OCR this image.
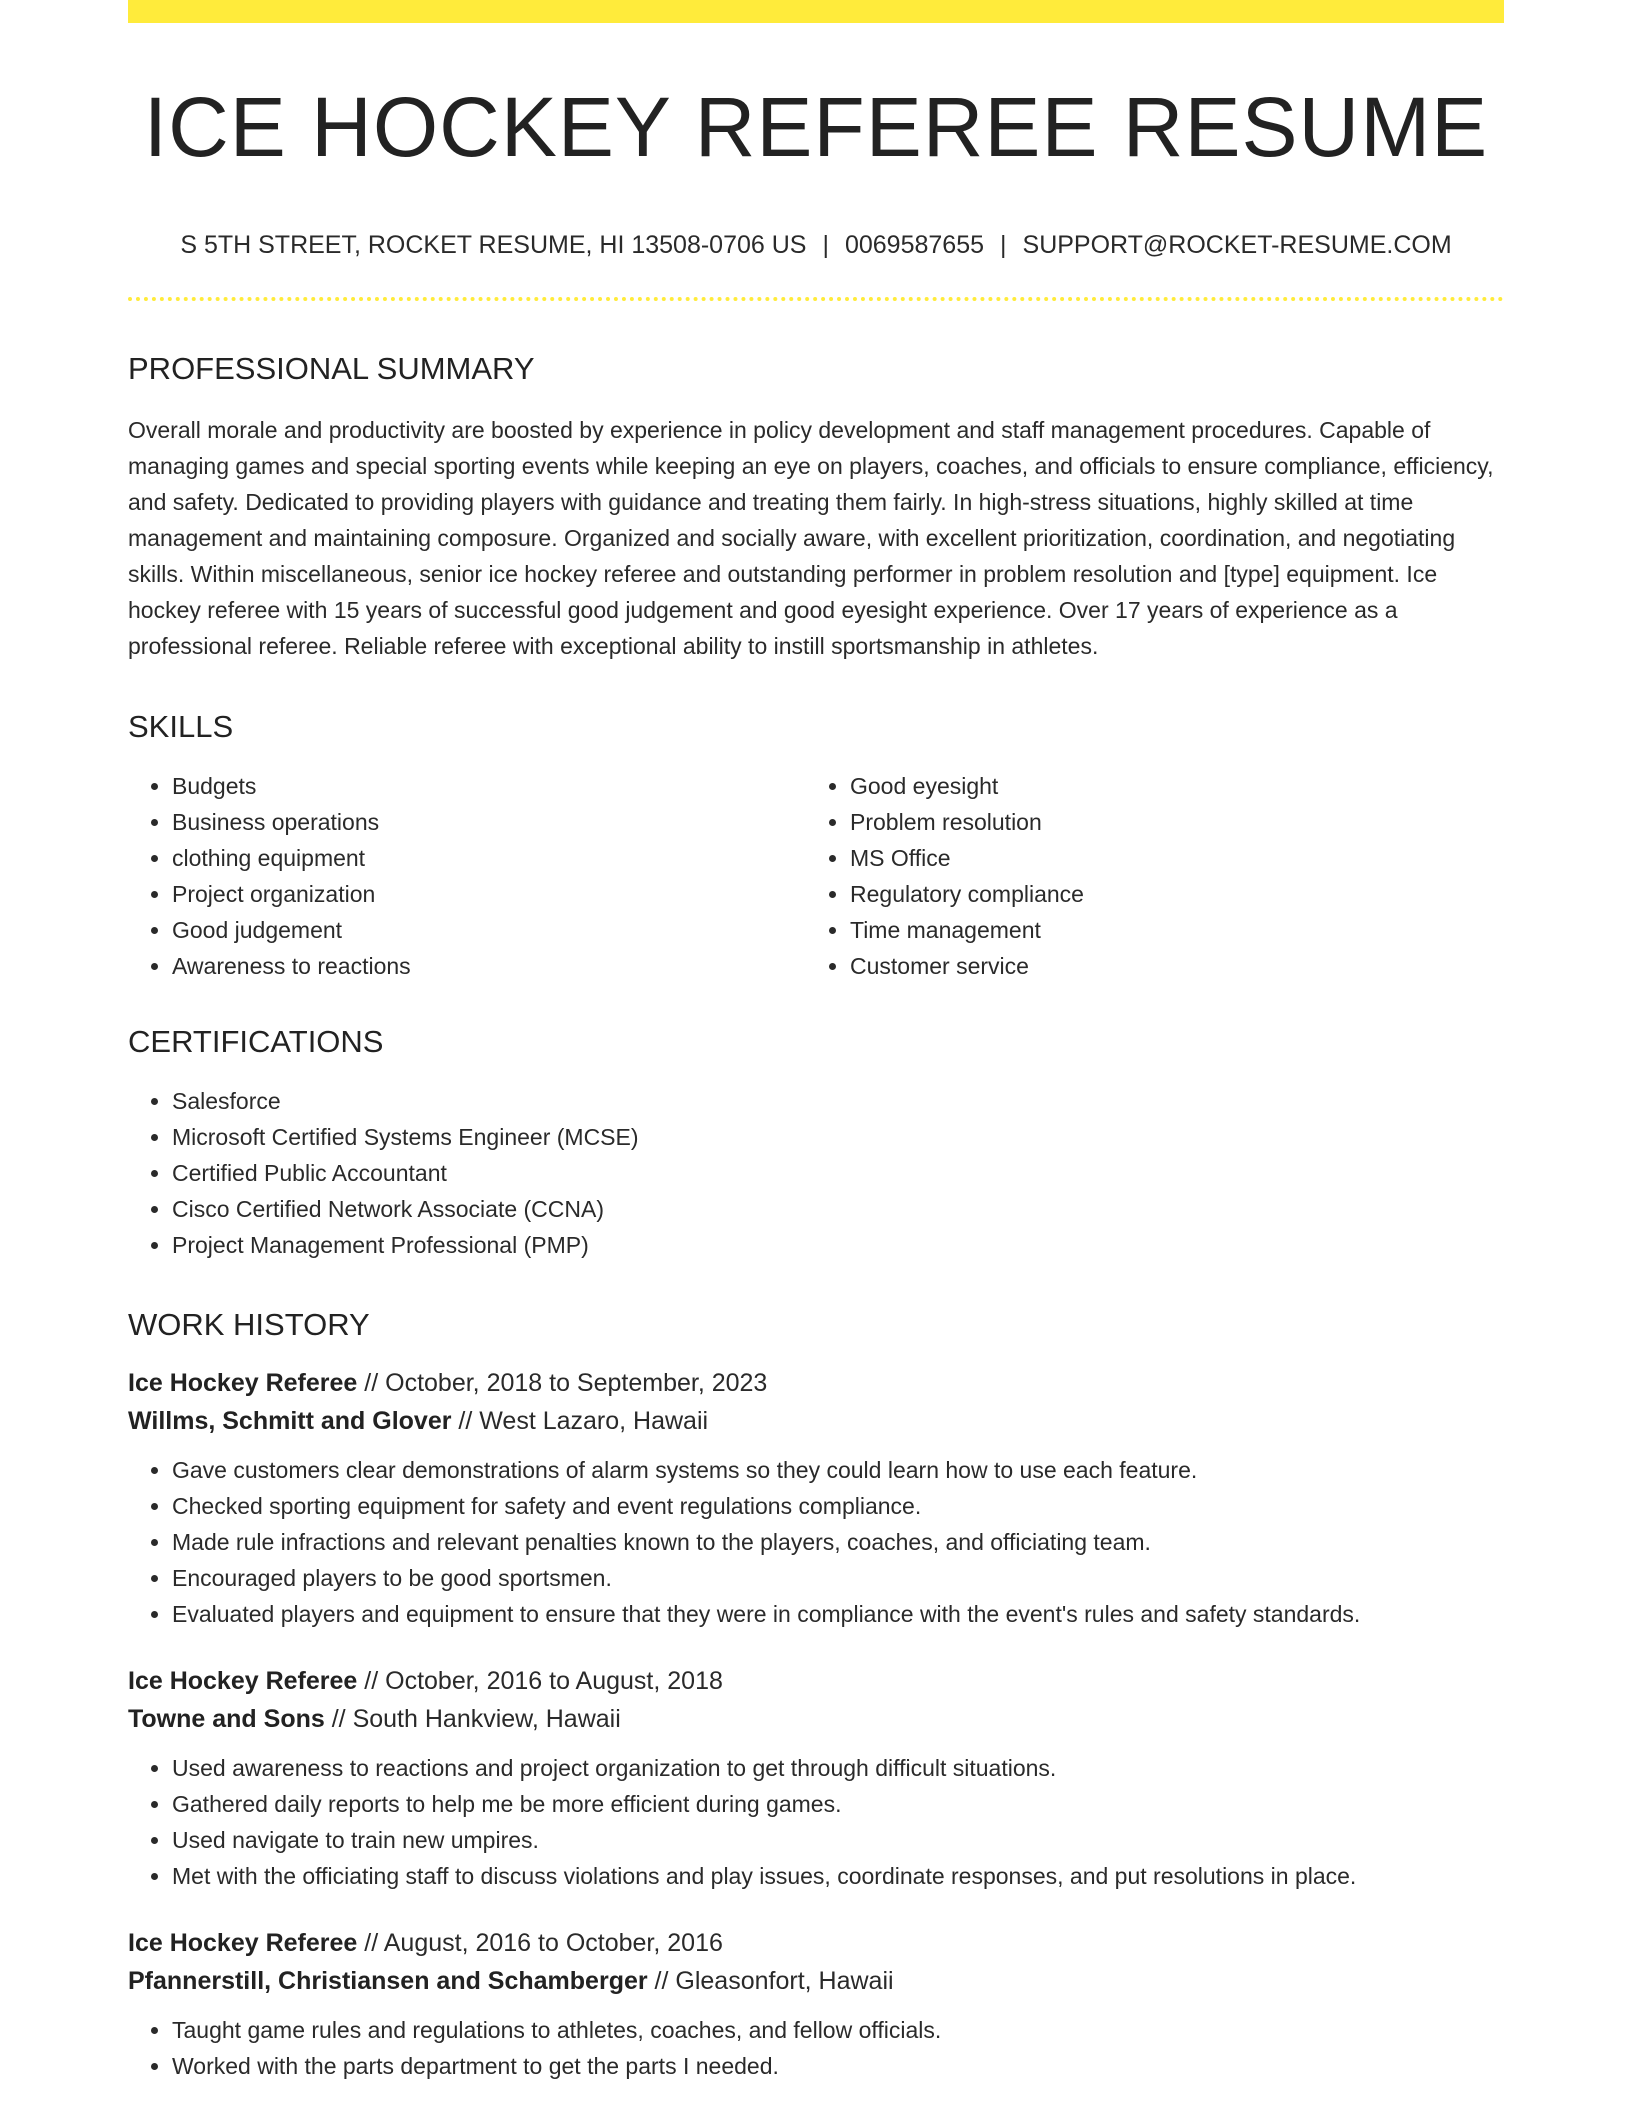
ICE HOCKEY REFEREE RESUME
S 5TH STREET, ROCKET RESUME, HI 13508-0706 US | 0069587655 | SUPPORT@ROCKET-RESUME.COM
PROFESSIONAL SUMMARY

Overall morale and productivity are boosted by experience in policy development and staff management procedures. Capable of managing games and special sporting events while keeping an eye on players, coaches, and officials to ensure compliance, efficiency, and safety. Dedicated to providing players with guidance and treating them fairly. In high-stress situations, highly skilled at time management and maintaining composure. Organized and socially aware, with excellent prioritization, coordination, and negotiating skills. Within miscellaneous, senior ice hockey referee and outstanding performer in problem resolution and [type] equipment. Ice hockey referee with 15 years of successful good judgement and good eyesight experience. Over 17 years of experience as a professional referee. Reliable referee with exceptional ability to instill sportsmanship in athletes.

SKILLS
• Budgets
• Business operations
• clothing equipment
• Project organization
• Good judgement
• Awareness to reactions
• Good eyesight
• Problem resolution
• MS Office
• Regulatory compliance
• Time management
• Customer service
CERTIFICATIONS
• Salesforce
• Microsoft Certified Systems Engineer (MCSE)
• Certified Public Accountant
• Cisco Certified Network Associate (CCNA)
• Project Management Professional (PMP)
WORK HISTORY
Ice Hockey Referee // October, 2018 to September, 2023
Willms, Schmitt and Glover // West Lazaro, Hawaii
• Gave customers clear demonstrations of alarm systems so they could learn how to use each feature.
• Checked sporting equipment for safety and event regulations compliance.
• Made rule infractions and relevant penalties known to the players, coaches, and officiating team.
• Encouraged players to be good sportsmen.
• Evaluated players and equipment to ensure that they were in compliance with the event's rules and safety standards.
Ice Hockey Referee // October, 2016 to August, 2018
Towne and Sons // South Hankview, Hawaii
• Used awareness to reactions and project organization to get through difficult situations.
• Gathered daily reports to help me be more efficient during games.
• Used navigate to train new umpires.
• Met with the officiating staff to discuss violations and play issues, coordinate responses, and put resolutions in place.
Ice Hockey Referee // August, 2016 to October, 2016
Pfannerstill, Christiansen and Schamberger // Gleasonfort, Hawaii
• Taught game rules and regulations to athletes, coaches, and fellow officials.
• Worked with the parts department to get the parts I needed.
